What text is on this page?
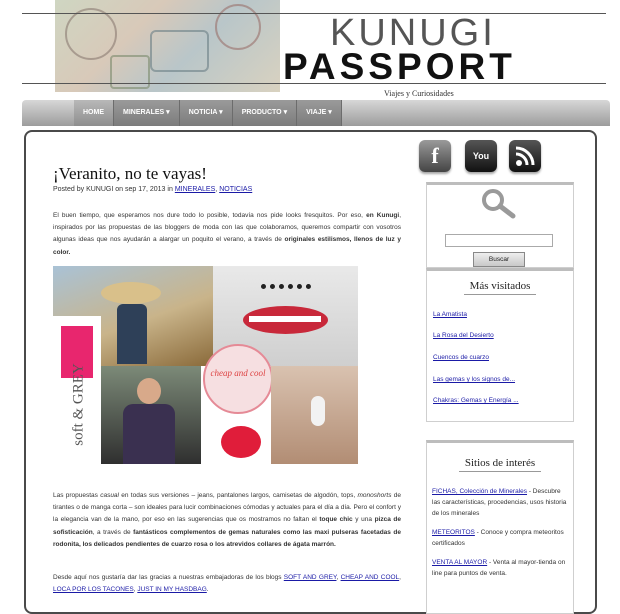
KUNUGI
PASSPORT
Viajes y Curiosidades
HOME	MINERALES ▾	NOTICIA ▾	PRODUCTO ▾	VIAJE ▾
¡Veranito, no te vayas!
Posted by KUNUGI on sep 17, 2013 in MINERALES, NOTICIAS
El buen tiempo, que esperamos nos dure todo lo posible, todavía nos pide looks fresquitos. Por eso, en Kunugi, inspirados por las propuestas de las bloggers de moda con las que colaboramos, queremos compartir con vosotros algunas ideas que nos ayudarán a alargar un poquito el verano, a través de originales estilismos, llenos de luz y color.
soft & GREY	cheap and cool
Las propuestas casual en todas sus versiones – jeans, pantalones largos, camisetas de algodón, tops, monoshorts de tirantes o de manga corta – son ideales para lucir combinaciones cómodas y actuales para el día a día. Pero el confort y la elegancia van de la mano, por eso en las sugerencias que os mostramos no faltan el toque chic y una pizca de sofisticación, a través de fantásticos complementos de gemas naturales como las maxi pulseras facetadas de rodonita, los delicados pendientes de cuarzo rosa o los atrevidos collares de ágata marrón.
Desde aquí nos gustaría dar las gracias a nuestras embajadoras de los blogs SOFT AND GREY, CHEAP AND COOL, LOCA POR LOS TACONES, JUST IN MY HASDBAG.
f	You
Buscar
Más visitados
La Amatista
La Rosa del Desierto
Cuencos de cuarzo
Las gemas y los signos de...
Chakras: Gemas y Energía ...
Sitios de interés
FICHAS, Colección de Minerales - Descubre las características, procedencias, usos historia de los minerales
METEORITOS - Conoce y compra meteoritos certificados
VENTA AL MAYOR - Venta al mayor-tienda on line para puntos de venta.
